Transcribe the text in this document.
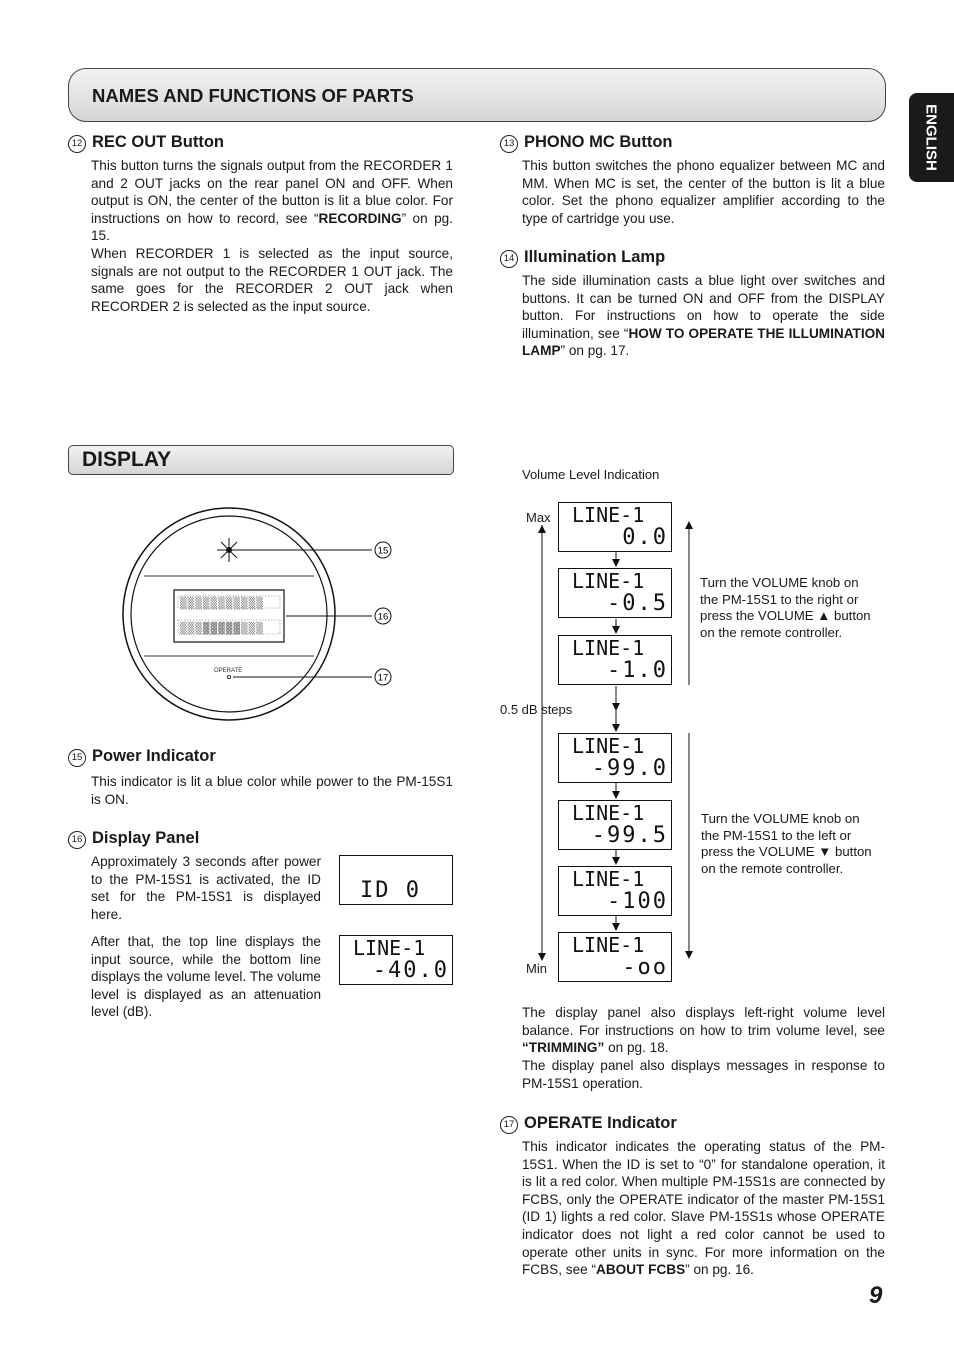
NAMES AND FUNCTIONS OF PARTS
ENGLISH
12 REC OUT Button

This button turns the signals output from the RECORDER 1 and 2 OUT jacks on the rear panel ON and OFF. When output is ON, the center of the button is lit a blue color. For instructions on how to record, see “RECORDING” on pg. 15.

When RECORDER 1 is selected as the input source, signals are not output to the RECORDER 1 OUT jack. The same goes for the RECORDER 2 OUT jack when RECORDER 2 is selected as the input source.

13 PHONO MC Button

This button switches the phono equalizer between MC and MM. When MC is set, the center of the button is lit a blue color. Set the phono equalizer amplifier according to the type of cartridge you use.

14 Illumination Lamp

The side illumination casts a blue light over switches and buttons. It can be turned ON and OFF from the DISPLAY button. For instructions on how to operate the side illumination, see “HOW TO OPERATE THE ILLUMINATION LAMP” on pg. 17.

DISPLAY
▒▒▒▒▒▒▒▒▒▒▒
▒▒▒▓▓▓▓▓▒▒▒
OPERATE
15
16
17
15 Power Indicator

This indicator is lit a blue color while power to the PM-15S1 is ON.

16 Display Panel

Approximately 3 seconds after power to the PM-15S1 is activated, the ID set for the PM-15S1 is displayed here.

After that, the top line displays the input source, while the bottom line displays the volume level. The volume level is displayed as an attenuation level (dB).

ID 0
LINE-1
-40.0
Volume Level Indication
Max
Min
0.5 dB steps
LINE-1
0.0
LINE-1
-0.5
LINE-1
-1.0
LINE-1
-99.0
LINE-1
-99.5
LINE-1
-100
LINE-1
-oo

Turn the VOLUME knob on the PM-15S1 to the right or press the VOLUME ▲ button on the remote controller.

Turn the VOLUME knob on the PM-15S1 to the left or press the VOLUME ▼ button on the remote controller.

The display panel also displays left-right volume level balance. For instructions on how to trim volume level, see “TRIMMING” on pg. 18.

The display panel also displays messages in response to PM-15S1 operation.

17 OPERATE Indicator

This indicator indicates the operating status of the PM-15S1. When the ID is set to “0” for standalone operation, it is lit a red color. When multiple PM-15S1s are connected by FCBS, only the OPERATE indicator of the master PM-15S1 (ID 1) lights a red color. Slave PM-15S1s whose OPERATE indicator does not light a red color cannot be used to operate other units in sync. For more information on the FCBS, see “ABOUT FCBS” on pg. 16.

9
